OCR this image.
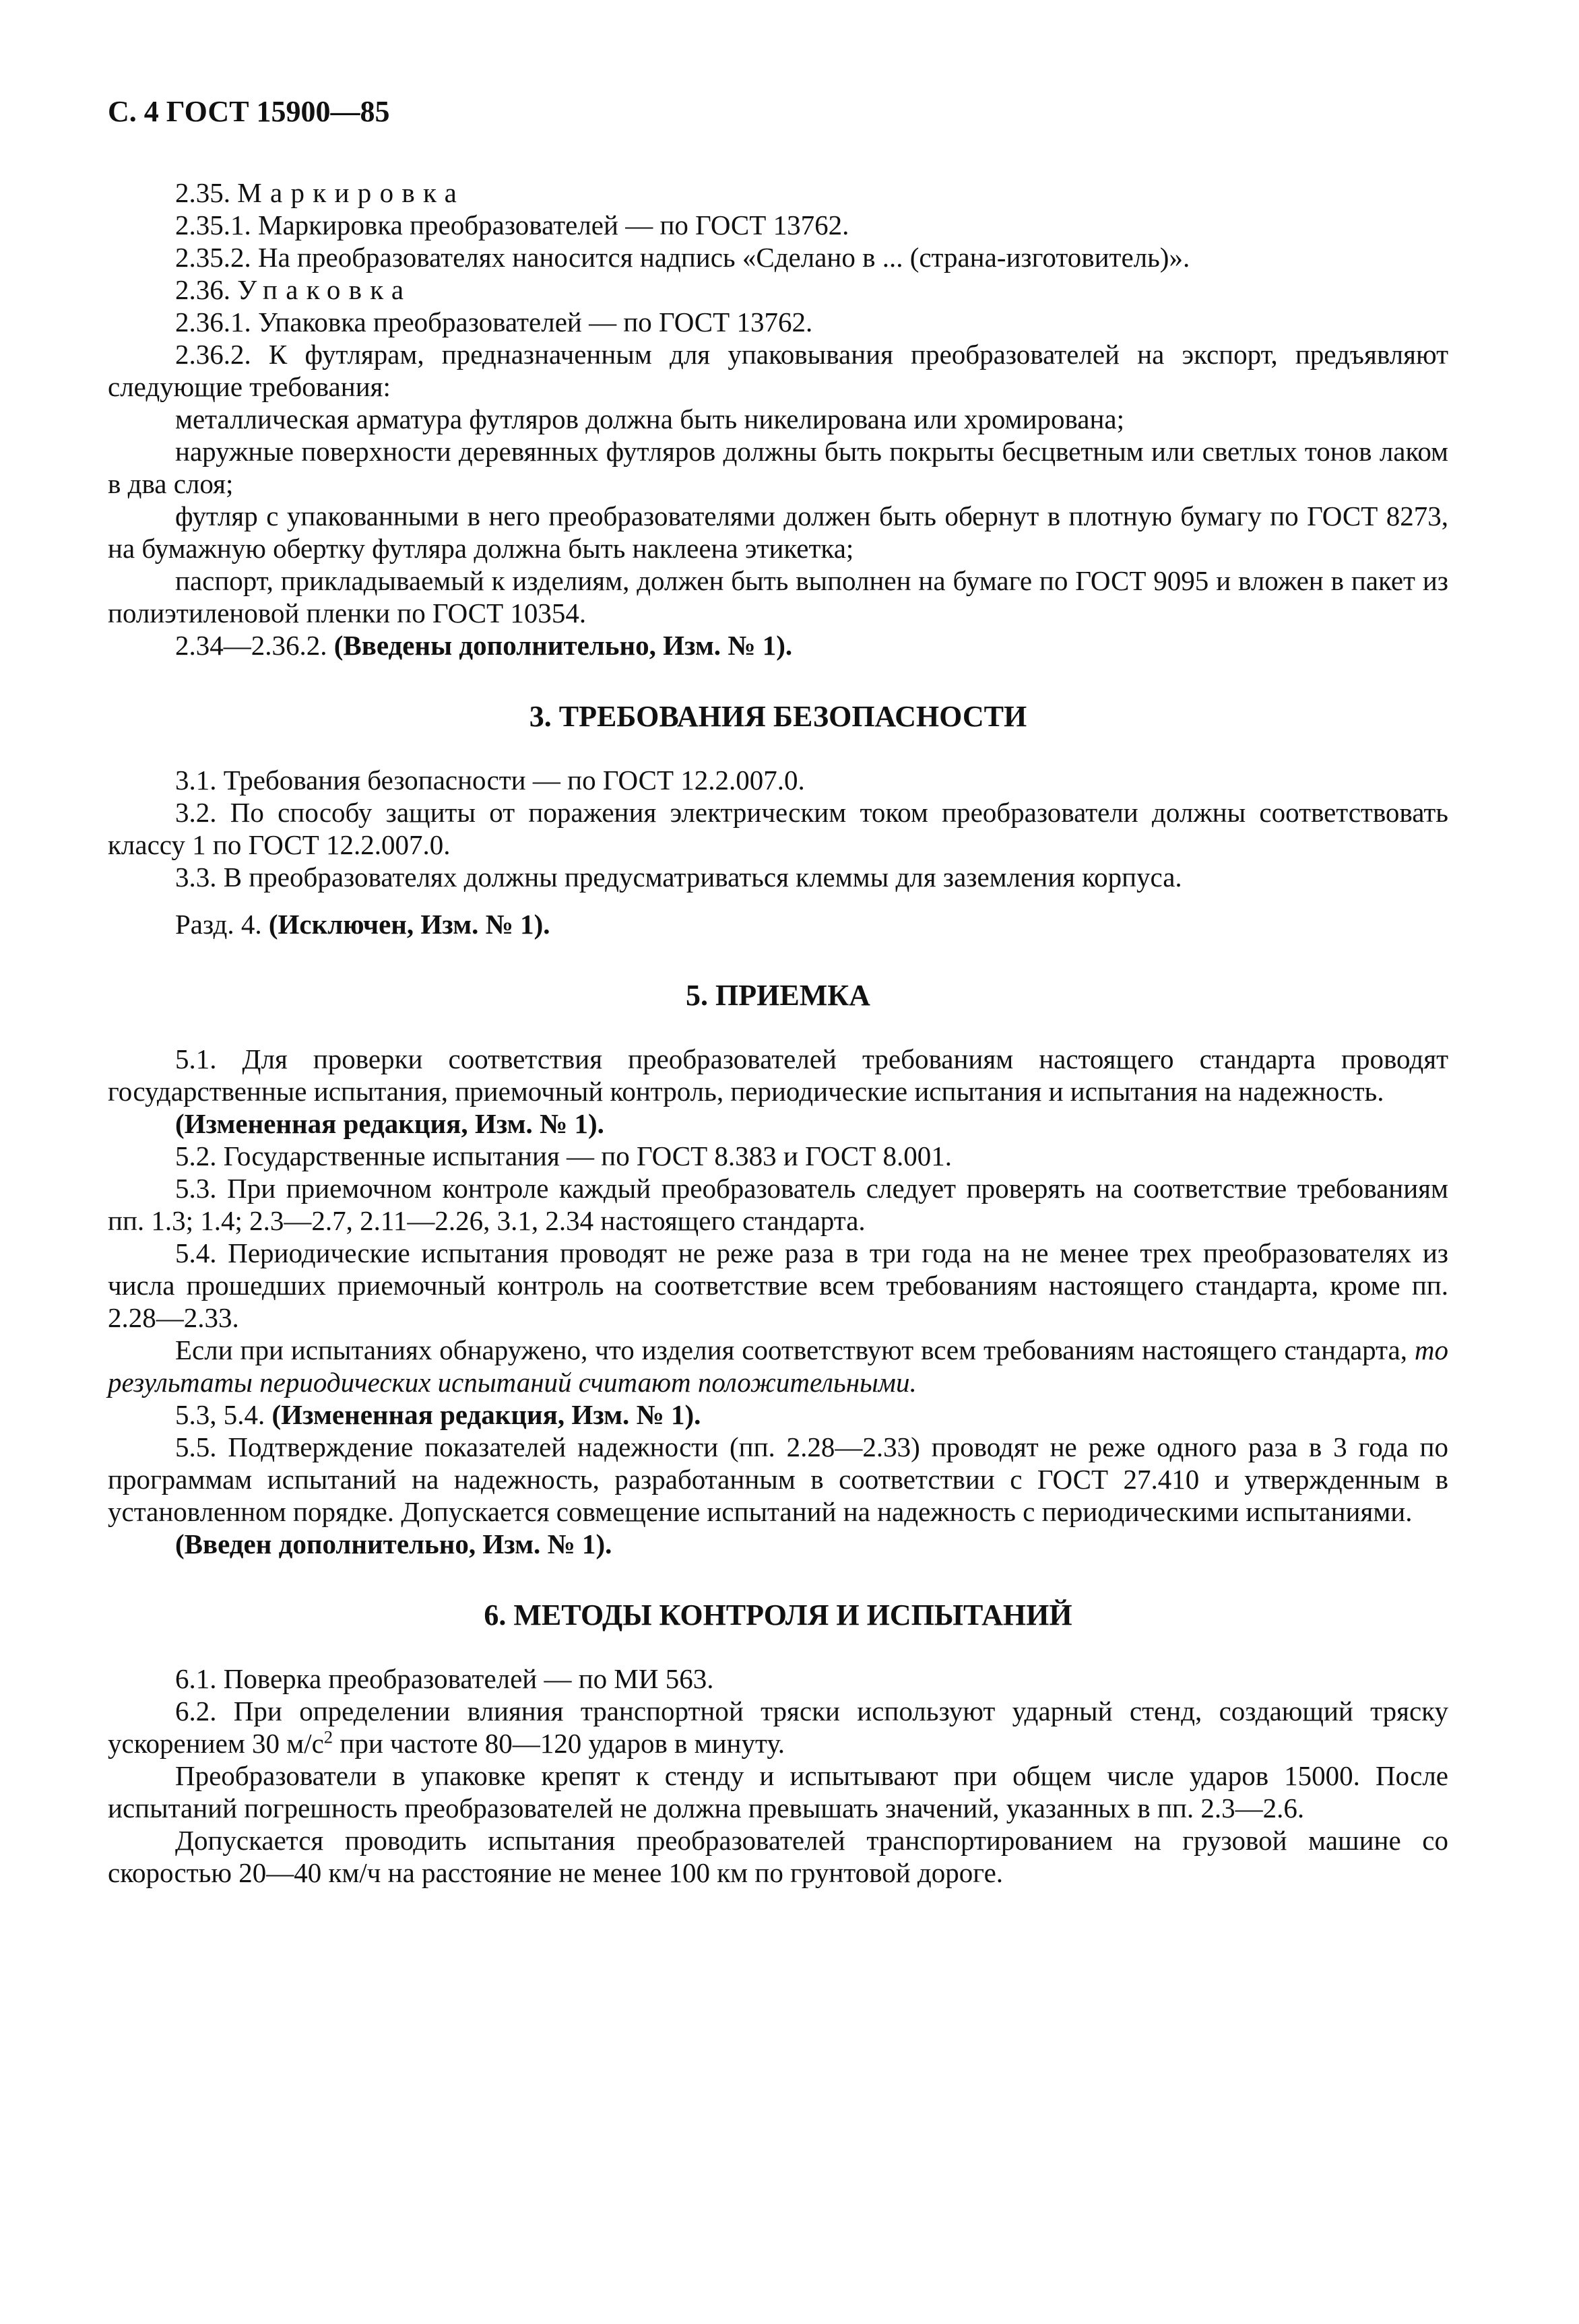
С. 4 ГОСТ 15900—85

2.35. Маркировка

2.35.1. Маркировка преобразователей — по ГОСТ 13762.

2.35.2. На преобразователях наносится надпись «Сделано в ... (страна-изготовитель)».

2.36. Упаковка

2.36.1. Упаковка преобразователей — по ГОСТ 13762.

2.36.2. К футлярам, предназначенным для упаковывания преобразователей на экспорт, предъявляют следующие требования:

металлическая арматура футляров должна быть никелирована или хромирована;

наружные поверхности деревянных футляров должны быть покрыты бесцветным или светлых тонов лаком в два слоя;

футляр с упакованными в него преобразователями должен быть обернут в плотную бумагу по ГОСТ 8273, на бумажную обертку футляра должна быть наклеена этикетка;

паспорт, прикладываемый к изделиям, должен быть выполнен на бумаге по ГОСТ 9095 и вложен в пакет из полиэтиленовой пленки по ГОСТ 10354.

2.34—2.36.2. (Введены дополнительно, Изм. № 1).

3. ТРЕБОВАНИЯ БЕЗОПАСНОСТИ

3.1. Требования безопасности — по ГОСТ 12.2.007.0.

3.2. По способу защиты от поражения электрическим током преобразователи должны соответствовать классу 1 по ГОСТ 12.2.007.0.

3.3. В преобразователях должны предусматриваться клеммы для заземления корпуса.

Разд. 4. (Исключен, Изм. № 1).

5. ПРИЕМКА

5.1. Для проверки соответствия преобразователей требованиям настоящего стандарта проводят государственные испытания, приемочный контроль, периодические испытания и испытания на надежность.

(Измененная редакция, Изм. № 1).

5.2. Государственные испытания — по ГОСТ 8.383 и ГОСТ 8.001.

5.3. При приемочном контроле каждый преобразователь следует проверять на соответствие требованиям пп. 1.3; 1.4; 2.3—2.7, 2.11—2.26, 3.1, 2.34 настоящего стандарта.

5.4. Периодические испытания проводят не реже раза в три года на не менее трех преобразователях из числа прошедших приемочный контроль на соответствие всем требованиям настоящего стандарта, кроме пп. 2.28—2.33.

Если при испытаниях обнаружено, что изделия соответствуют всем требованиям настоящего стандарта, то результаты периодических испытаний считают положительными.

5.3, 5.4. (Измененная редакция, Изм. № 1).

5.5. Подтверждение показателей надежности (пп. 2.28—2.33) проводят не реже одного раза в 3 года по программам испытаний на надежность, разработанным в соответствии с ГОСТ 27.410 и утвержденным в установленном порядке. Допускается совмещение испытаний на надежность с периодическими испытаниями.

(Введен дополнительно, Изм. № 1).

6. МЕТОДЫ КОНТРОЛЯ И ИСПЫТАНИЙ

6.1. Поверка преобразователей — по МИ 563.

6.2. При определении влияния транспортной тряски используют ударный стенд, создающий тряску ускорением 30 $м/с^2$ при частоте 80—120 ударов в минуту.

Преобразователи в упаковке крепят к стенду и испытывают при общем числе ударов 15000. После испытаний погрешность преобразователей не должна превышать значений, указанных в пп. 2.3—2.6.

Допускается проводить испытания преобразователей транспортированием на грузовой машине со скоростью 20—40 км/ч на расстояние не менее 100 км по грунтовой дороге.
